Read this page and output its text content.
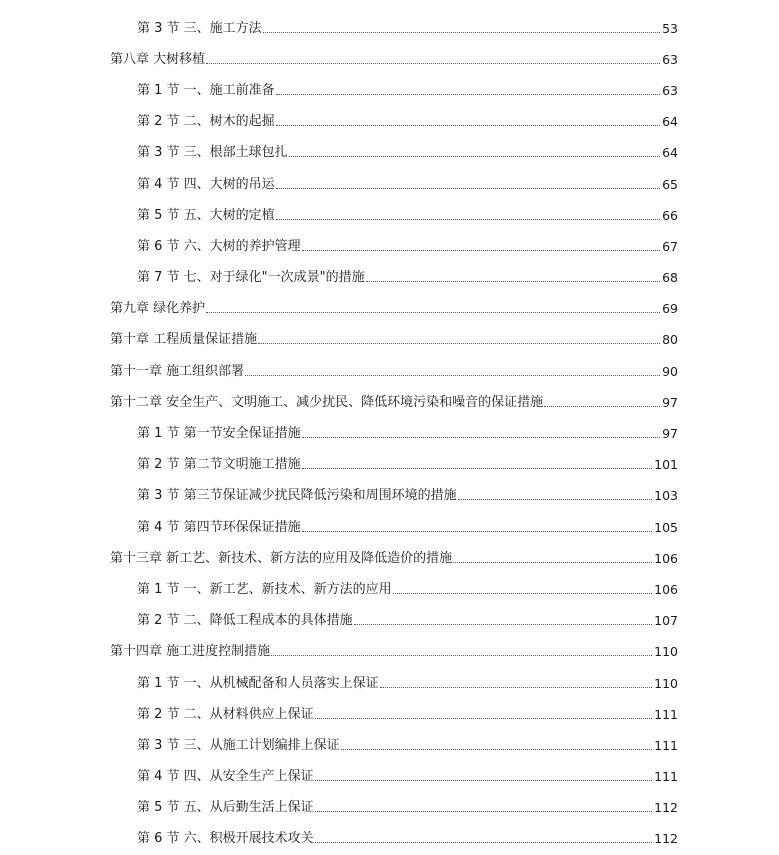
第 3 节 三、施工方法	53
第八章 大树移植	63
第 1 节 一、施工前准备	63
第 2 节 二、树木的起掘	64
第 3 节 三、根部土球包扎	64
第 4 节 四、大树的吊运	65
第 5 节 五、大树的定植	66
第 6 节 六、大树的养护管理	67
第 7 节 七、对于绿化"一次成景"的措施	68
第九章 绿化养护	69
第十章 工程质量保证措施	80
第十一章 施工组织部署	90
第十二章 安全生产、文明施工、减少扰民、降低环境污染和噪音的保证措施	97
第 1 节 第一节安全保证措施	97
第 2 节 第二节文明施工措施	101
第 3 节 第三节保证减少扰民降低污染和周围环境的措施	103
第 4 节 第四节环保保证措施	105
第十三章 新工艺、新技术、新方法的应用及降低造价的措施	106
第 1 节 一、新工艺、新技术、新方法的应用	106
第 2 节 二、降低工程成本的具体措施	107
第十四章 施工进度控制措施	110
第 1 节 一、从机械配备和人员落实上保证	110
第 2 节 二、从材料供应上保证	111
第 3 节 三、从施工计划编排上保证	111
第 4 节 四、从安全生产上保证	111
第 5 节 五、从后勤生活上保证	112
第 6 节 六、积极开展技术攻关	112
